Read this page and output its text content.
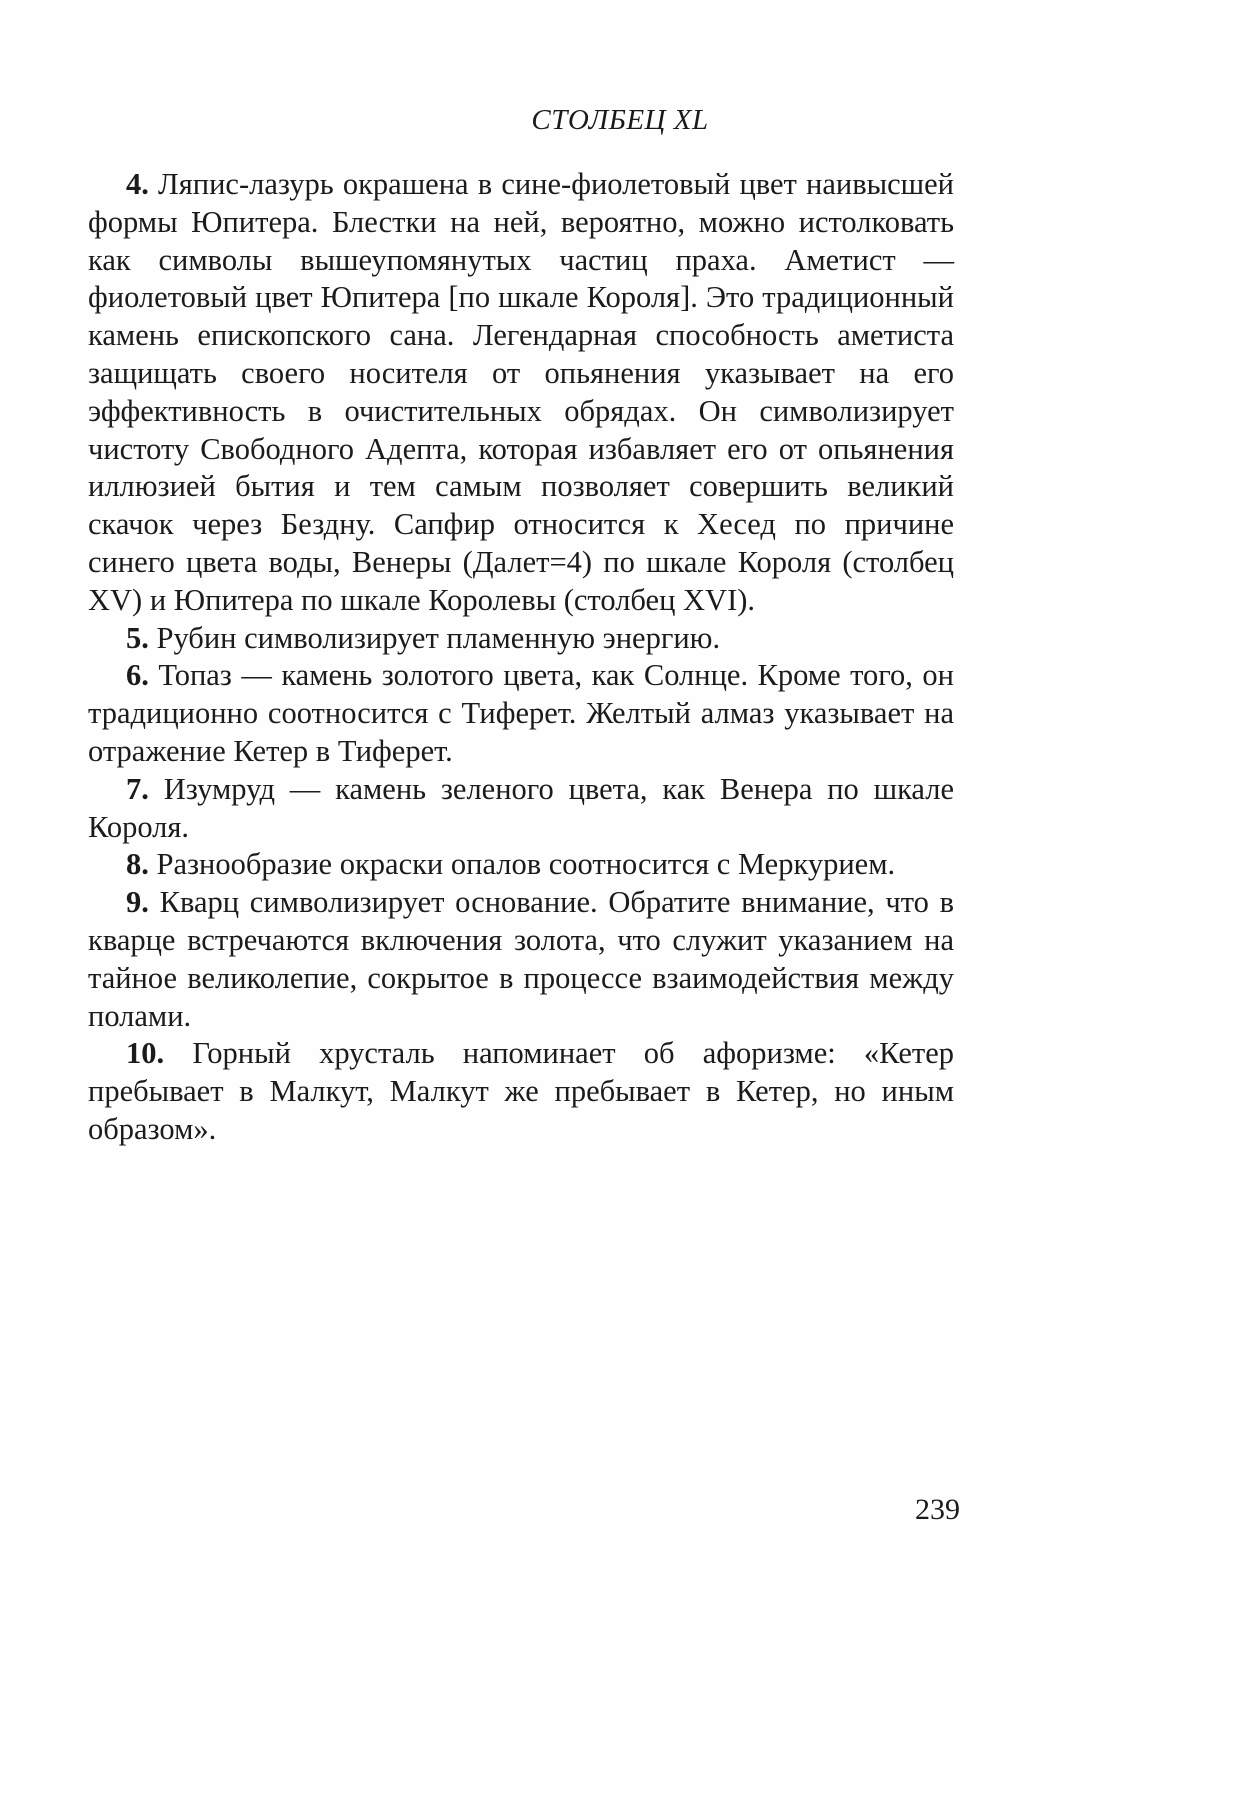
СТОЛБЕЦ XL

4. Ляпис-лазурь окрашена в сине-фиолетовый цвет наивысшей формы Юпитера. Блестки на ней, вероятно, можно истолковать как символы вышеупомянутых частиц праха. Аметист — фиолетовый цвет Юпитера [по шкале Короля]. Это традиционный камень епископского сана. Легендарная способность аметиста защищать своего носителя от опьянения указывает на его эффективность в очистительных обрядах. Он символизирует чистоту Свободного Адепта, которая избавляет его от опьянения иллюзией бытия и тем самым позволяет совершить великий скачок через Бездну. Сапфир относится к Хесед по причине синего цвета воды, Венеры (Далет=4) по шкале Короля (столбец XV) и Юпитера по шкале Королевы (столбец XVI).

5. Рубин символизирует пламенную энергию.

6. Топаз — камень золотого цвета, как Солнце. Кроме того, он традиционно соотносится с Тиферет. Желтый алмаз указывает на отражение Кетер в Тиферет.

7. Изумруд — камень зеленого цвета, как Венера по шкале Короля.

8. Разнообразие окраски опалов соотносится с Меркурием.

9. Кварц символизирует основание. Обратите внимание, что в кварце встречаются включения золота, что служит указанием на тайное великолепие, сокрытое в процессе взаимодействия между полами.

10. Горный хрусталь напоминает об афоризме: «Кетер пребывает в Малкут, Малкут же пребывает в Кетер, но иным образом».

239
